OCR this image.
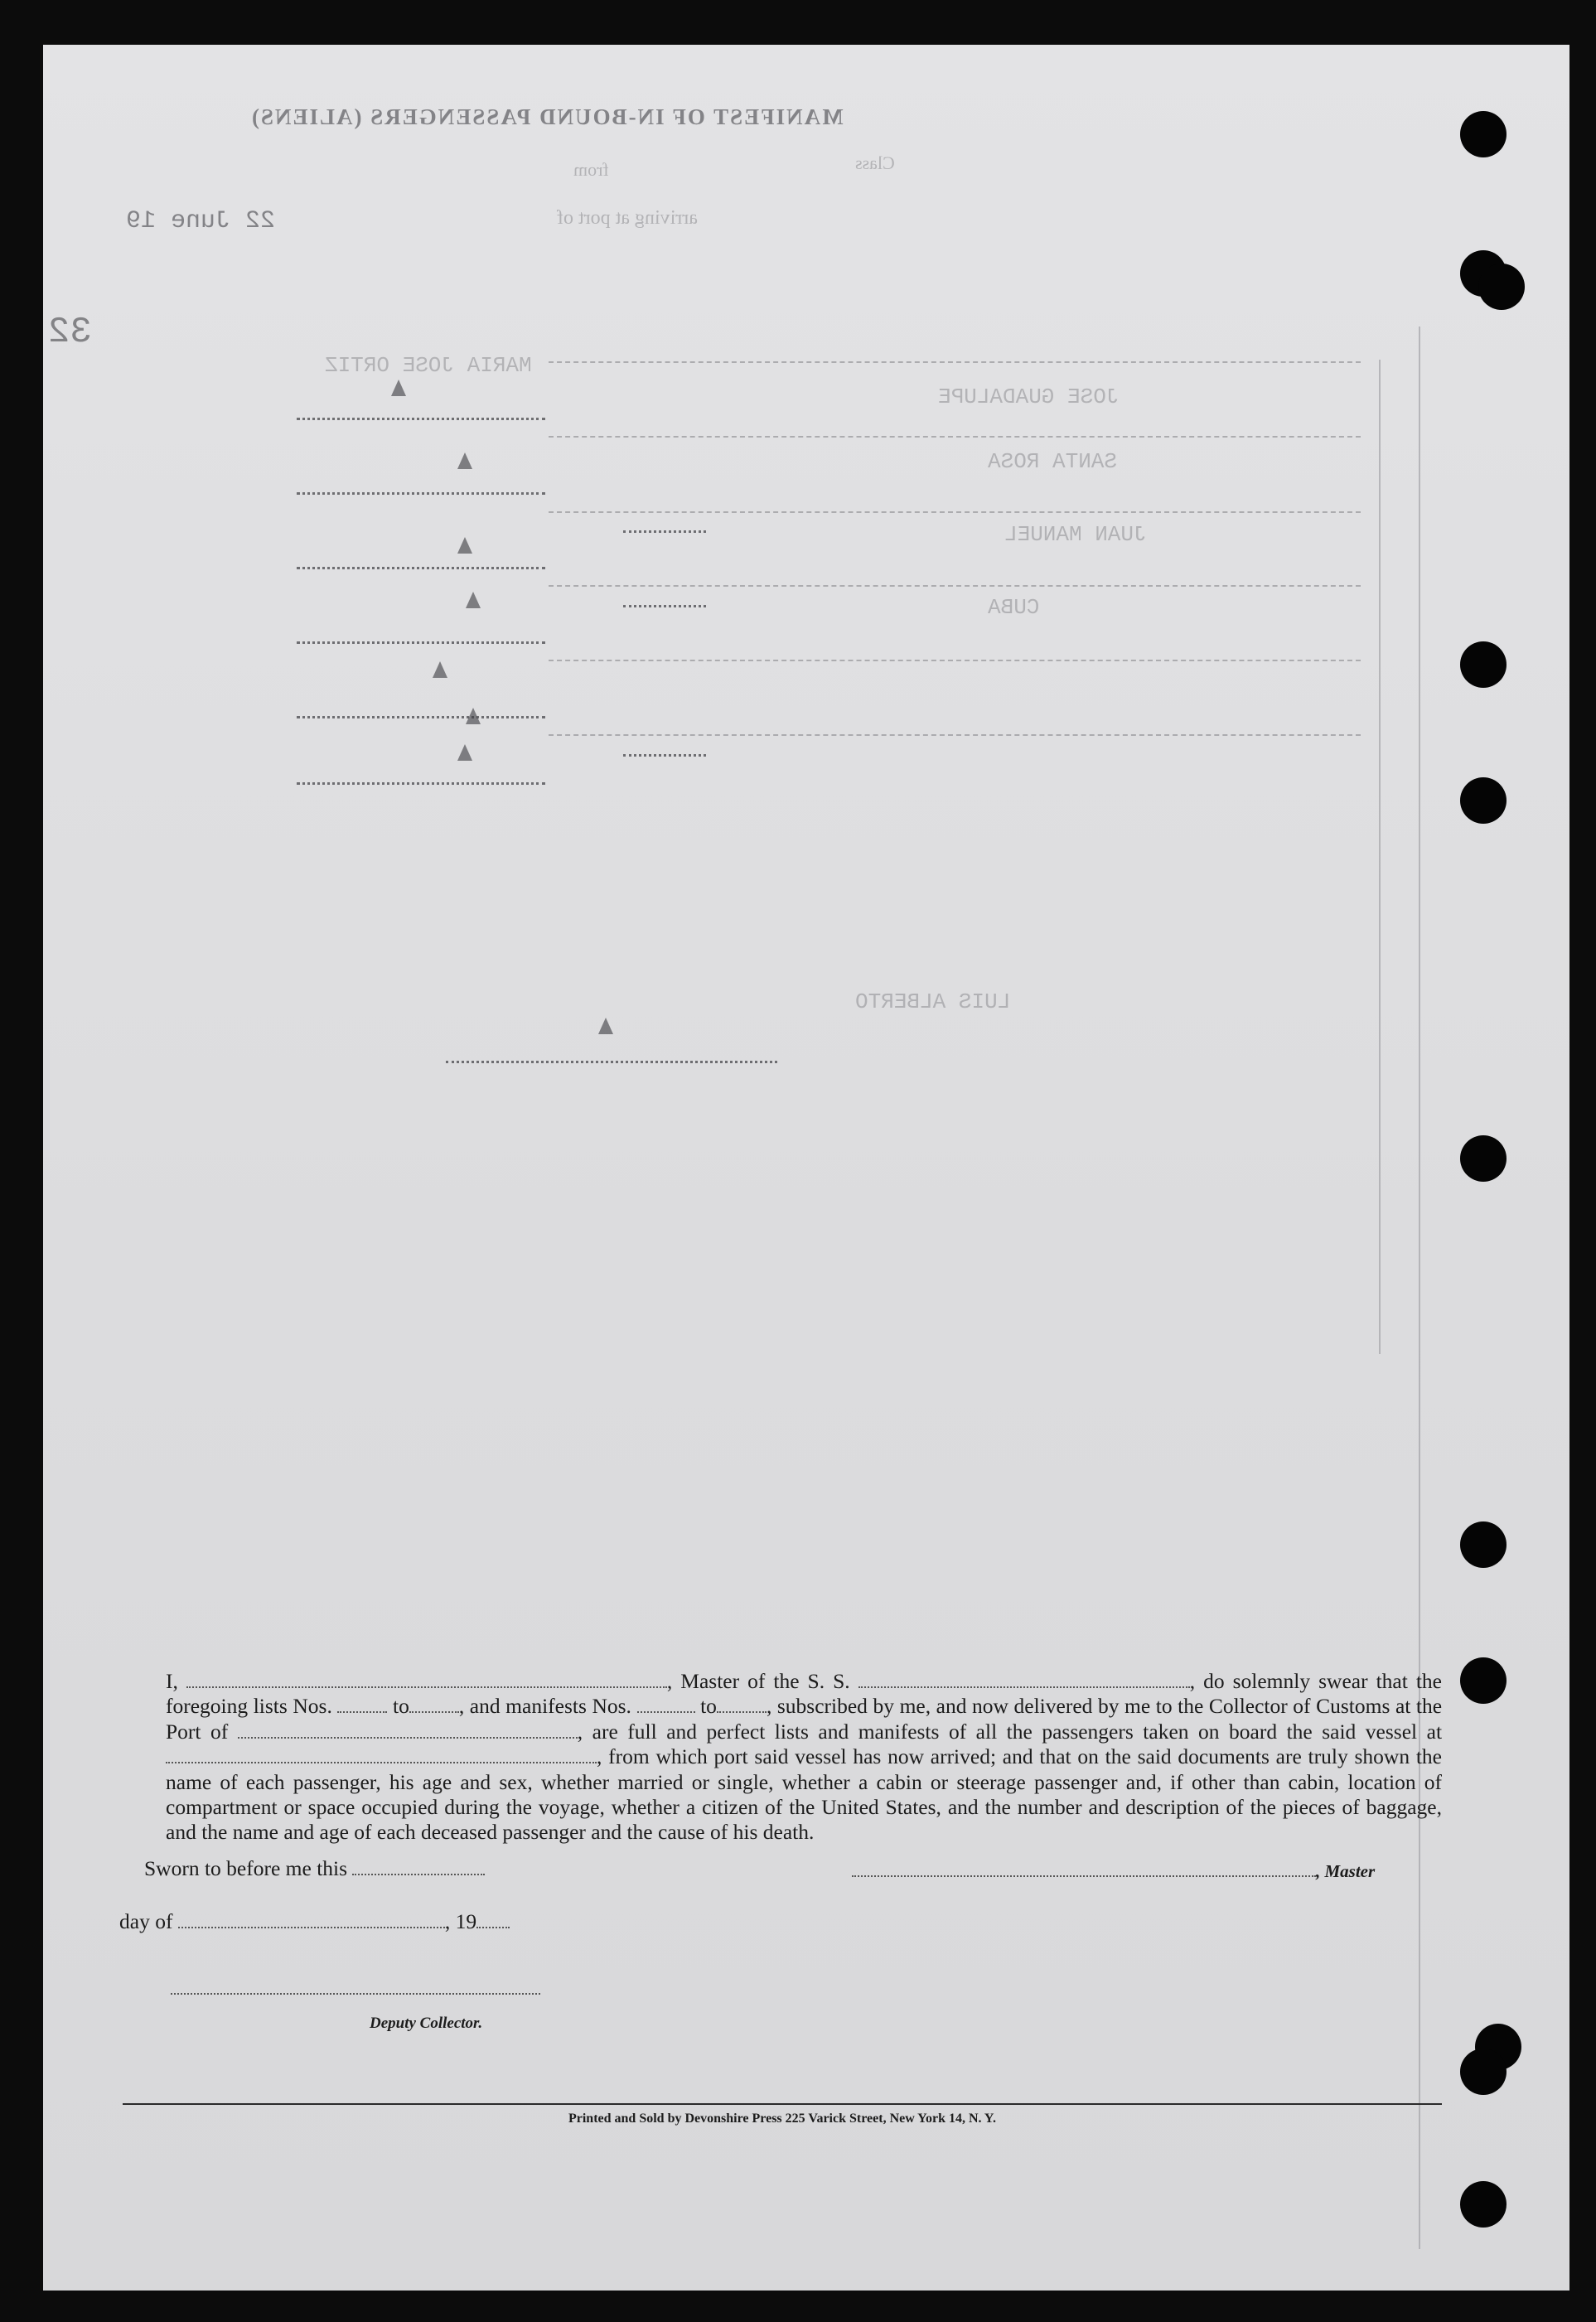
MANIFEST OF IN-BOUND PASSENGERS (ALIENS)
Class
from
arriving at port of
22 June 19
32
MARIA JOSE ORTIZ
JOSE GUADALUPE
SANTA ROSA
JUAN MANUEL
CUBA
LUIS ALBERTO
I,	, Master of the S. S.	, do solemnly swear that the foregoing lists Nos.	to , and manifests Nos.	to , subscribed by me, and now delivered by me to the Collector of Customs at the Port of	, are full and perfect lists and manifests of all the passengers taken on board the said vessel at , from which port said vessel has now arrived; and that on the said documents are truly shown the name of each passenger, his age and sex, whether married or single, whether a cabin or steerage passenger and, if other than cabin, location of compartment or space occupied during the voyage, whether a citizen of the United States, and the number and description of the pieces of baggage, and the name and age of each deceased passenger and the cause of his death.
Sworn to before me this	, Master
day of	, 19
Deputy Collector.
Printed and Sold by Devonshire Press 225 Varick Street, New York 14, N. Y.
